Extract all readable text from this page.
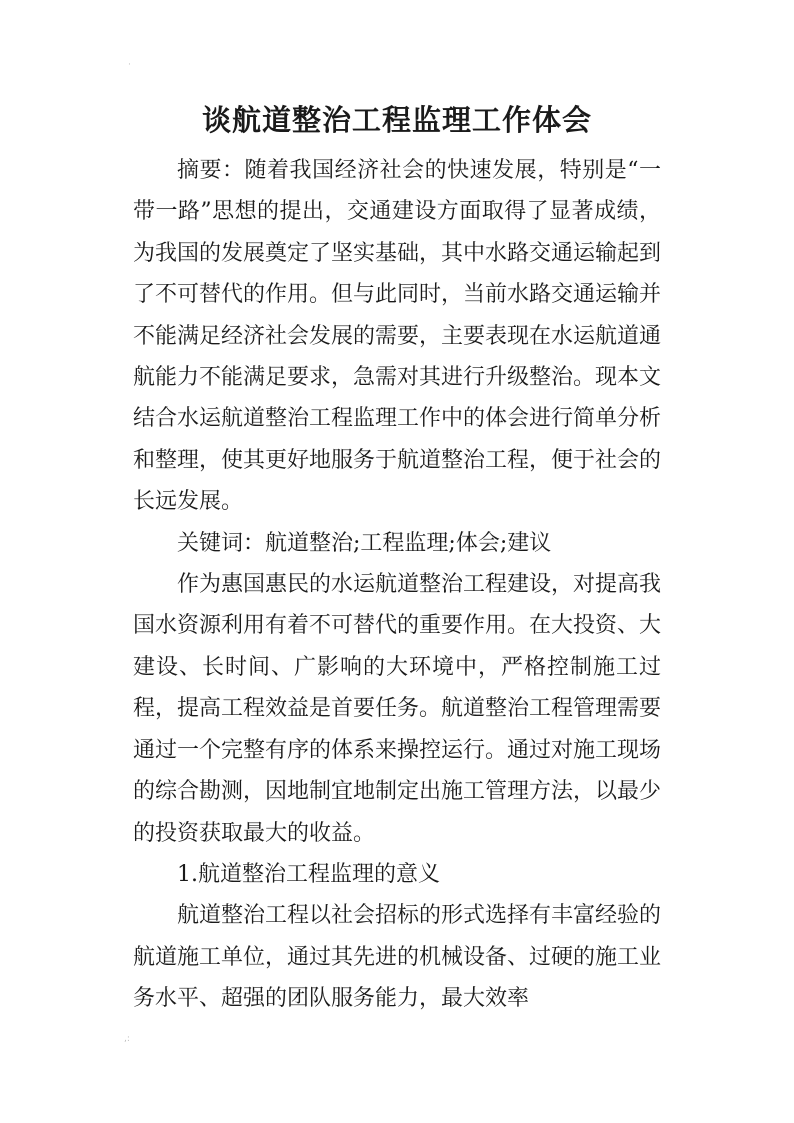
·
谈航道整治工程监理工作体会

摘要：随着我国经济社会的快速发展，特别是“一带一路”思想的提出，交通建设方面取得了显著成绩，为我国的发展奠定了坚实基础，其中水路交通运输起到了不可替代的作用。但与此同时，当前水路交通运输并不能满足经济社会发展的需要，主要表现在水运航道通航能力不能满足要求，急需对其进行升级整治。现本文结合水运航道整治工程监理工作中的体会进行简单分析和整理，使其更好地服务于航道整治工程，便于社会的长远发展。

关键词：航道整治;工程监理;体会;建议

作为惠国惠民的水运航道整治工程建设，对提高我国水资源利用有着不可替代的重要作用。在大投资、大建设、长时间、广影响的大环境中，严格控制施工过程，提高工程效益是首要任务。航道整治工程管理需要通过一个完整有序的体系来操控运行。通过对施工现场的综合勘测，因地制宜地制定出施工管理方法，以最少的投资获取最大的收益。

1.航道整治工程监理的意义

航道整治工程以社会招标的形式选择有丰富经验的航道施工单位，通过其先进的机械设备、过硬的施工业务水平、超强的团队服务能力，最大效率

,:
